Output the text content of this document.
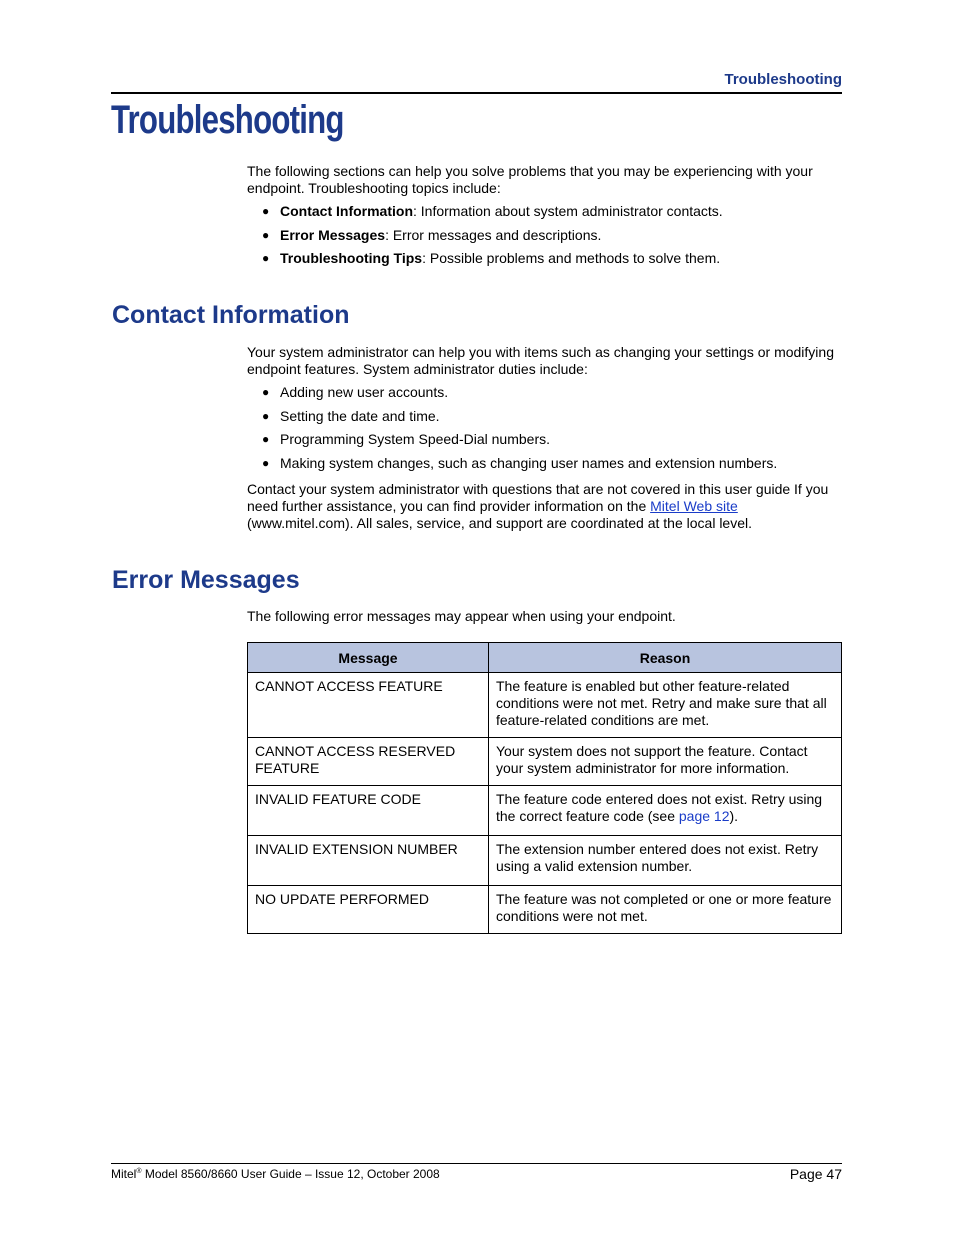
Troubleshooting
Troubleshooting
The following sections can help you solve problems that you may be experiencing with your endpoint. Troubleshooting topics include:
● Contact Information: Information about system administrator contacts.
● Error Messages: Error messages and descriptions.
● Troubleshooting Tips: Possible problems and methods to solve them.
Contact Information
Your system administrator can help you with items such as changing your settings or modifying endpoint features. System administrator duties include:
● Adding new user accounts.
● Setting the date and time.
● Programming System Speed-Dial numbers.
● Making system changes, such as changing user names and extension numbers.
Contact your system administrator with questions that are not covered in this user guide If you need further assistance, you can find provider information on the Mitel Web site (www.mitel.com). All sales, service, and support are coordinated at the local level.
Error Messages
The following error messages may appear when using your endpoint.
Message	Reason
CANNOT ACCESS FEATURE	The feature is enabled but other feature-related conditions were not met. Retry and make sure that all feature-related conditions are met.
CANNOT ACCESS RESERVED FEATURE	Your system does not support the feature. Contact your system administrator for more information.
INVALID FEATURE CODE	The feature code entered does not exist. Retry using the correct feature code (see page 12).
INVALID EXTENSION NUMBER	The extension number entered does not exist. Retry using a valid extension number.
NO UPDATE PERFORMED	The feature was not completed or one or more feature conditions were not met.
Mitel® Model 8560/8660 User Guide – Issue 12, October 2008	Page 47
